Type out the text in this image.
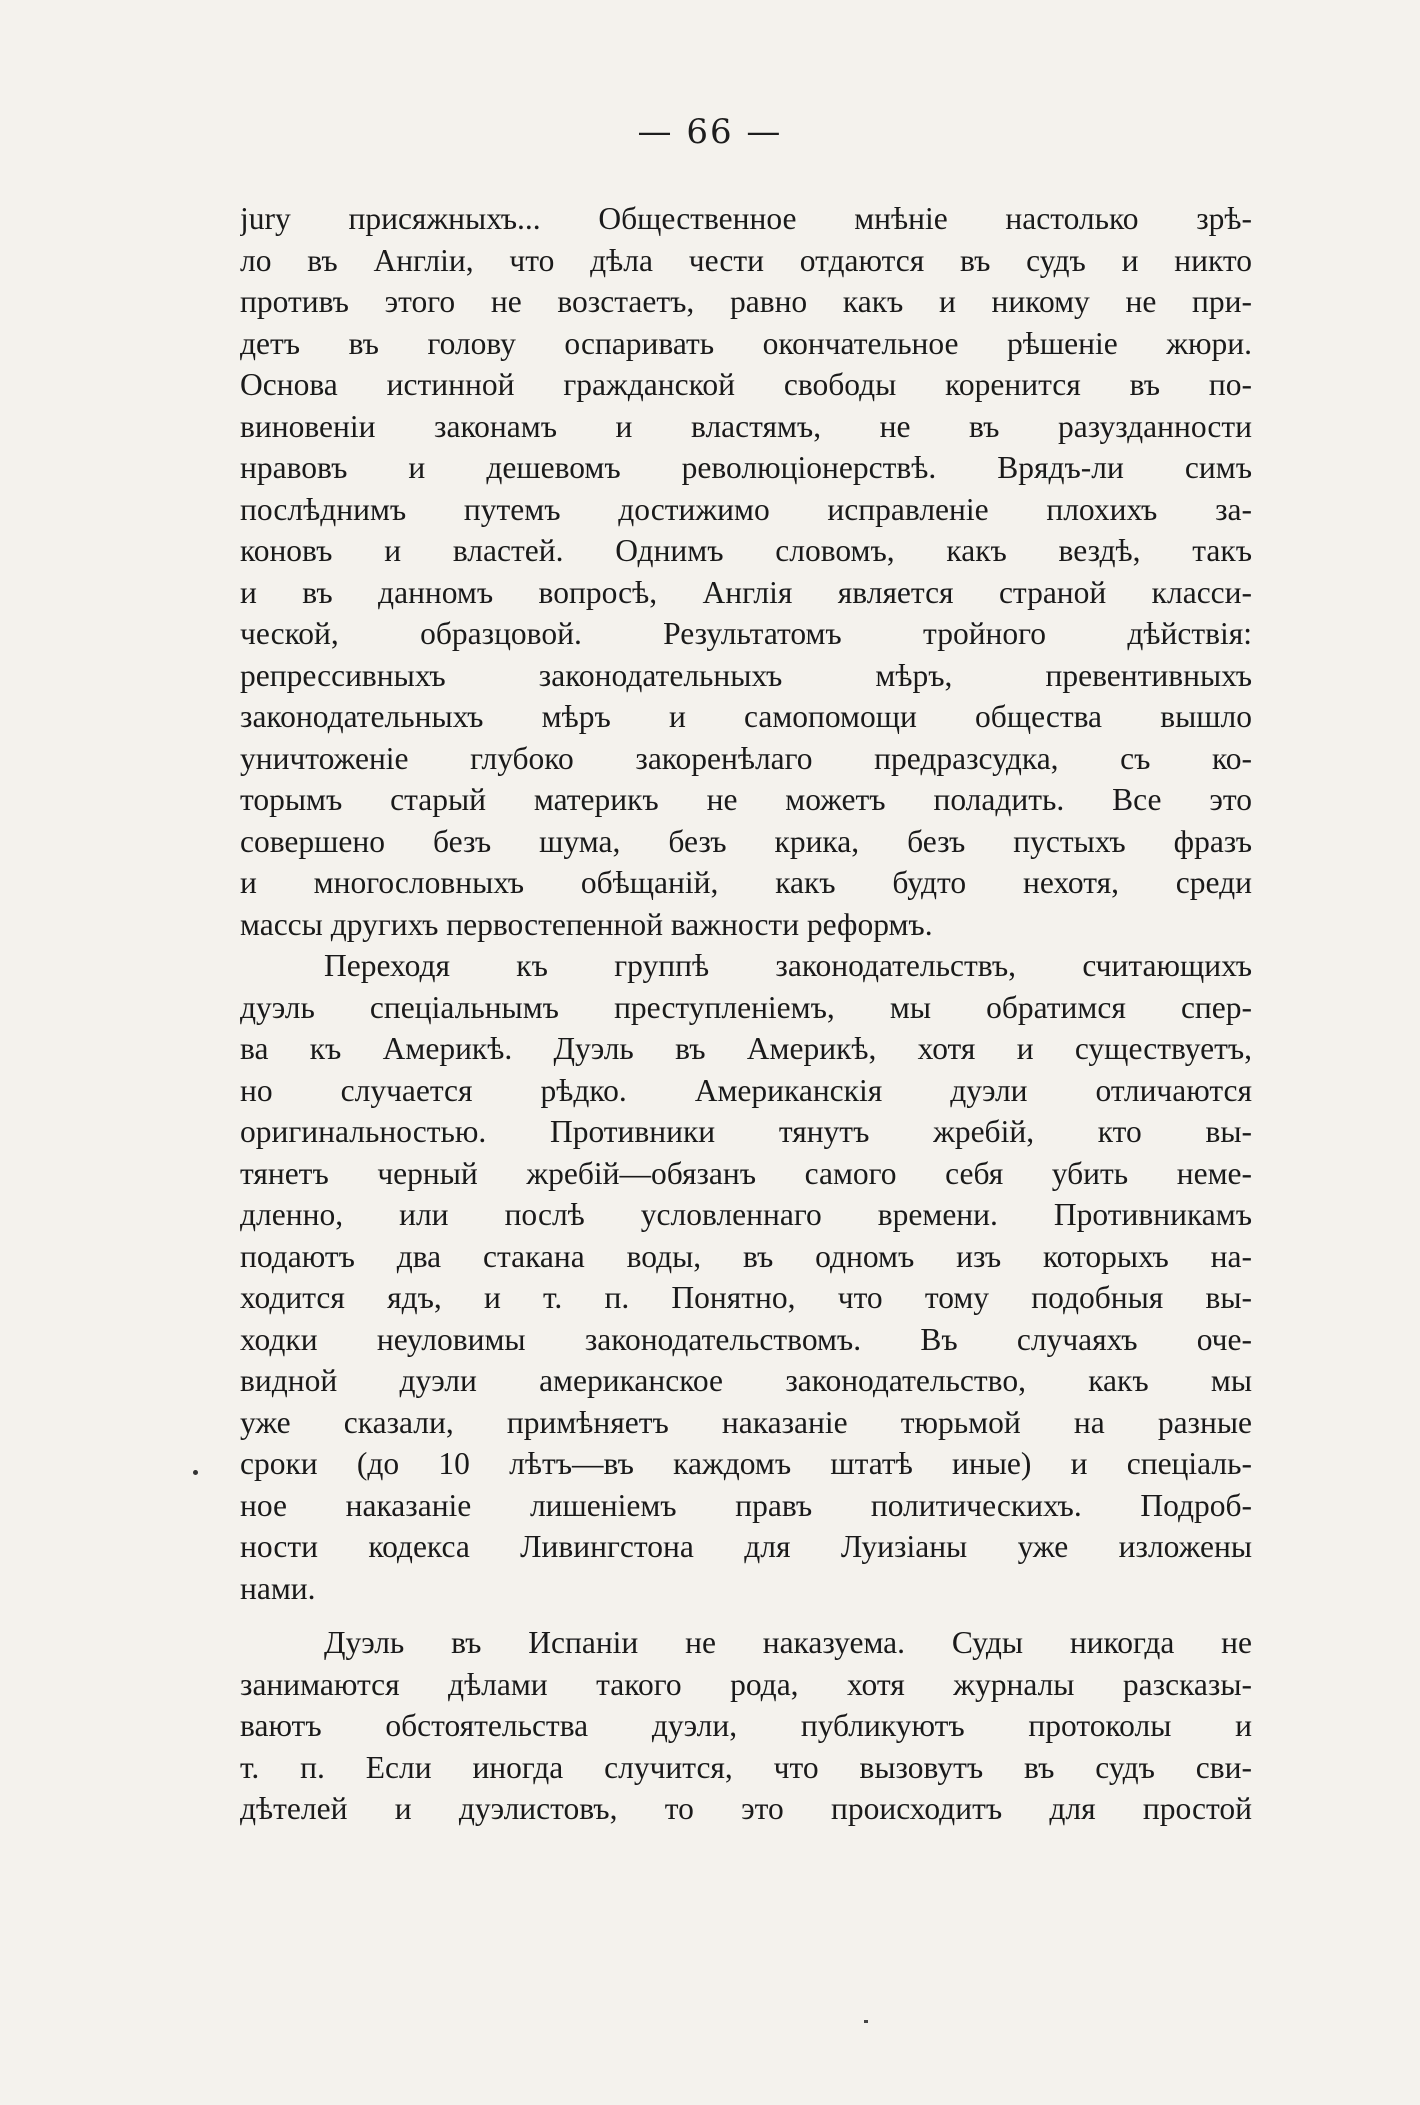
— 66 —
jury присяжныхъ... Общественное мнѣніе настолько зрѣ-
ло въ Англіи, что дѣла чести отдаются въ судъ и никто
противъ этого не возстаетъ, равно какъ и никому не при-
детъ въ голову оспаривать окончательное рѣшеніе жюри.
Основа истинной гражданской свободы коренится въ по-
виновеніи законамъ и властямъ, не въ разузданности
нравовъ и дешевомъ революціонерствѣ. Врядъ-ли симъ
послѣднимъ путемъ достижимо исправленіе плохихъ за-
коновъ и властей. Однимъ словомъ, какъ вездѣ, такъ
и въ данномъ вопросѣ, Англія является страной класси-
ческой, образцовой. Результатомъ тройного дѣйствія:
репрессивныхъ законодательныхъ мѣръ, превентивныхъ
законодательныхъ мѣръ и самопомощи общества вышло
уничтоженіе глубоко закоренѣлаго предразсудка, съ ко-
торымъ старый материкъ не можетъ поладить. Все это
совершено безъ шума, безъ крика, безъ пустыхъ фразъ
и многословныхъ обѣщаній, какъ будто нехотя, среди
массы другихъ первостепенной важности реформъ.
Переходя къ группѣ законодательствъ, считающихъ
дуэль спеціальнымъ преступленіемъ, мы обратимся спер-
ва къ Америкѣ. Дуэль въ Америкѣ, хотя и существуетъ,
но случается рѣдко. Американскія дуэли отличаются
оригинальностью. Противники тянутъ жребій, кто вы-
тянетъ черный жребій—обязанъ самого себя убить неме-
дленно, или послѣ условленнаго времени. Противникамъ
подаютъ два стакана воды, въ одномъ изъ которыхъ на-
ходится ядъ, и т. п. Понятно, что тому подобныя вы-
ходки неуловимы законодательствомъ. Въ случаяхъ оче-
видной дуэли американское законодательство, какъ мы
уже сказали, примѣняетъ наказаніе тюрьмой на разные
сроки (до 10 лѣтъ—въ каждомъ штатѣ иные) и спеціаль-
ное наказаніе лишеніемъ правъ политическихъ. Подроб-
ности кодекса Ливингстона для Луизіаны уже изложены
нами.
Дуэль въ Испаніи не наказуема. Суды никогда не
занимаются дѣлами такого рода, хотя журналы разсказы-
ваютъ обстоятельства дуэли, публикуютъ протоколы и
т. п. Если иногда случится, что вызовутъ въ судъ сви-
дѣтелей и дуэлистовъ, то это происходитъ для простой
